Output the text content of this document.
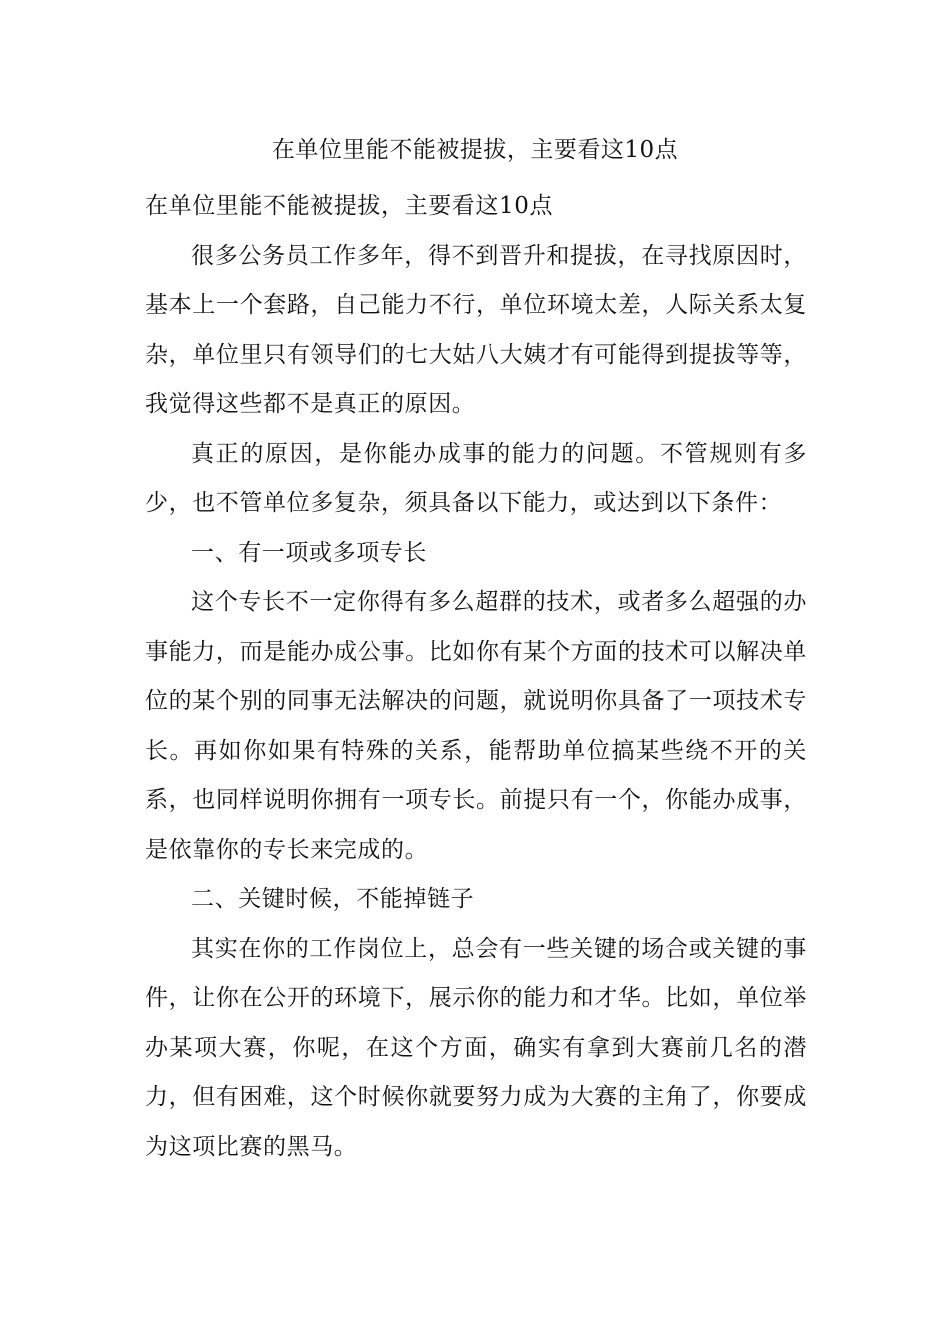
在单位里能不能被提拔，主要看这10点
在单位里能不能被提拔，主要看这10点
很多公务员工作多年，得不到晋升和提拔，在寻找原因时，基本上一个套路，自己能力不行，单位环境太差，人际关系太复杂，单位里只有领导们的七大姑八大姨才有可能得到提拔等等，我觉得这些都不是真正的原因。
真正的原因，是你能办成事的能力的问题。不管规则有多少，也不管单位多复杂，须具备以下能力，或达到以下条件：
一、有一项或多项专长
这个专长不一定你得有多么超群的技术，或者多么超强的办事能力，而是能办成公事。比如你有某个方面的技术可以解决单位的某个别的同事无法解决的问题，就说明你具备了一项技术专长。再如你如果有特殊的关系，能帮助单位搞某些绕不开的关系，也同样说明你拥有一项专长。前提只有一个，你能办成事，是依靠你的专长来完成的。
二、关键时候，不能掉链子
其实在你的工作岗位上，总会有一些关键的场合或关键的事件，让你在公开的环境下，展示你的能力和才华。比如，单位举办某项大赛，你呢，在这个方面，确实有拿到大赛前几名的潜力，但有困难，这个时候你就要努力成为大赛的主角了，你要成为这项比赛的黑马。
